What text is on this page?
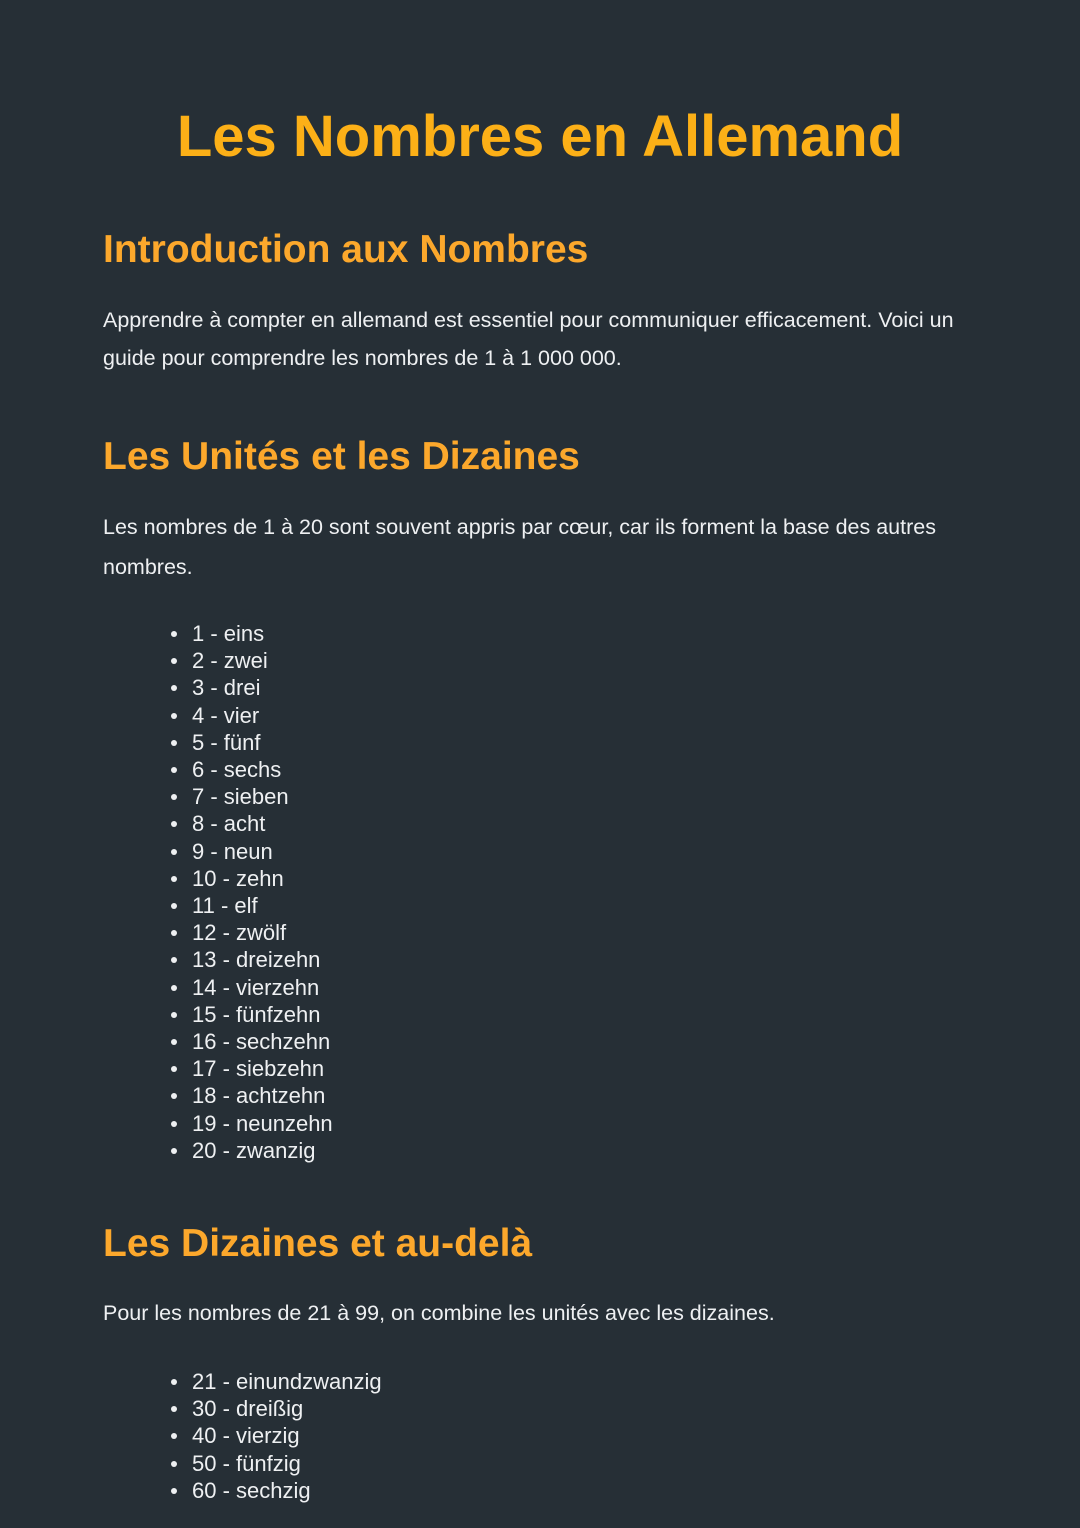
Les Nombres en Allemand
Introduction aux Nombres

Apprendre à compter en allemand est essentiel pour communiquer efficacement. Voici un guide pour comprendre les nombres de 1 à 1 000 000.

Les Unités et les Dizaines

Les nombres de 1 à 20 sont souvent appris par cœur, car ils forment la base des autres nombres.

1 - eins
2 - zwei
3 - drei
4 - vier
5 - fünf
6 - sechs
7 - sieben
8 - acht
9 - neun
10 - zehn
11 - elf
12 - zwölf
13 - dreizehn
14 - vierzehn
15 - fünfzehn
16 - sechzehn
17 - siebzehn
18 - achtzehn
19 - neunzehn
20 - zwanzig
Les Dizaines et au-delà

Pour les nombres de 21 à 99, on combine les unités avec les dizaines.

21 - einundzwanzig
30 - dreißig
40 - vierzig
50 - fünfzig
60 - sechzig
